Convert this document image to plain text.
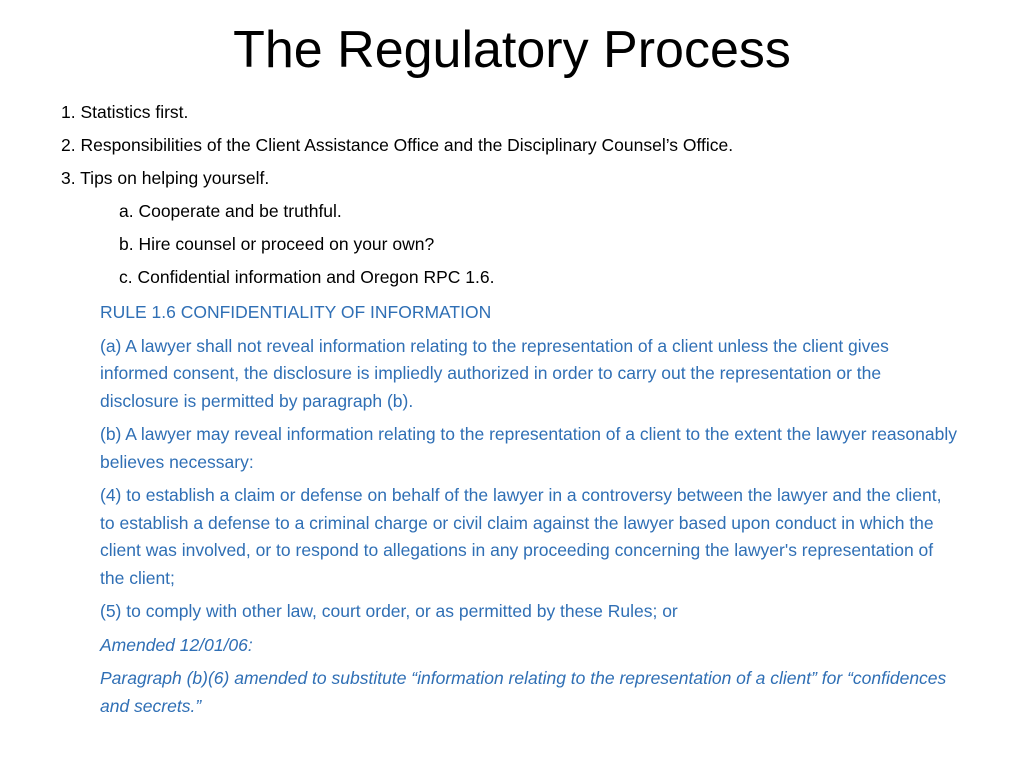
The Regulatory Process

1. Statistics first.

2. Responsibilities of the Client Assistance Office and the Disciplinary Counsel’s Office.

3. Tips on helping yourself.

a. Cooperate and be truthful.

b. Hire counsel or proceed on your own?

c. Confidential information and Oregon RPC 1.6.

RULE 1.6 CONFIDENTIALITY OF INFORMATION

(a) A lawyer shall not reveal information relating to the representation of a client unless the client gives informed consent, the disclosure is impliedly authorized in order to carry out the representation or the disclosure is permitted by paragraph (b).

(b) A lawyer may reveal information relating to the representation of a client to the extent the lawyer reasonably believes necessary:

(4) to establish a claim or defense on behalf of the lawyer in a controversy between the lawyer and the client, to establish a defense to a criminal charge or civil claim against the lawyer based upon conduct in which the client was involved, or to respond to allegations in any proceeding concerning the lawyer's representation of the client;

(5) to comply with other law, court order, or as permitted by these Rules; or

Amended 12/01/06:

Paragraph (b)(6) amended to substitute “information relating to the representation of a client” for “confidences and secrets.”
